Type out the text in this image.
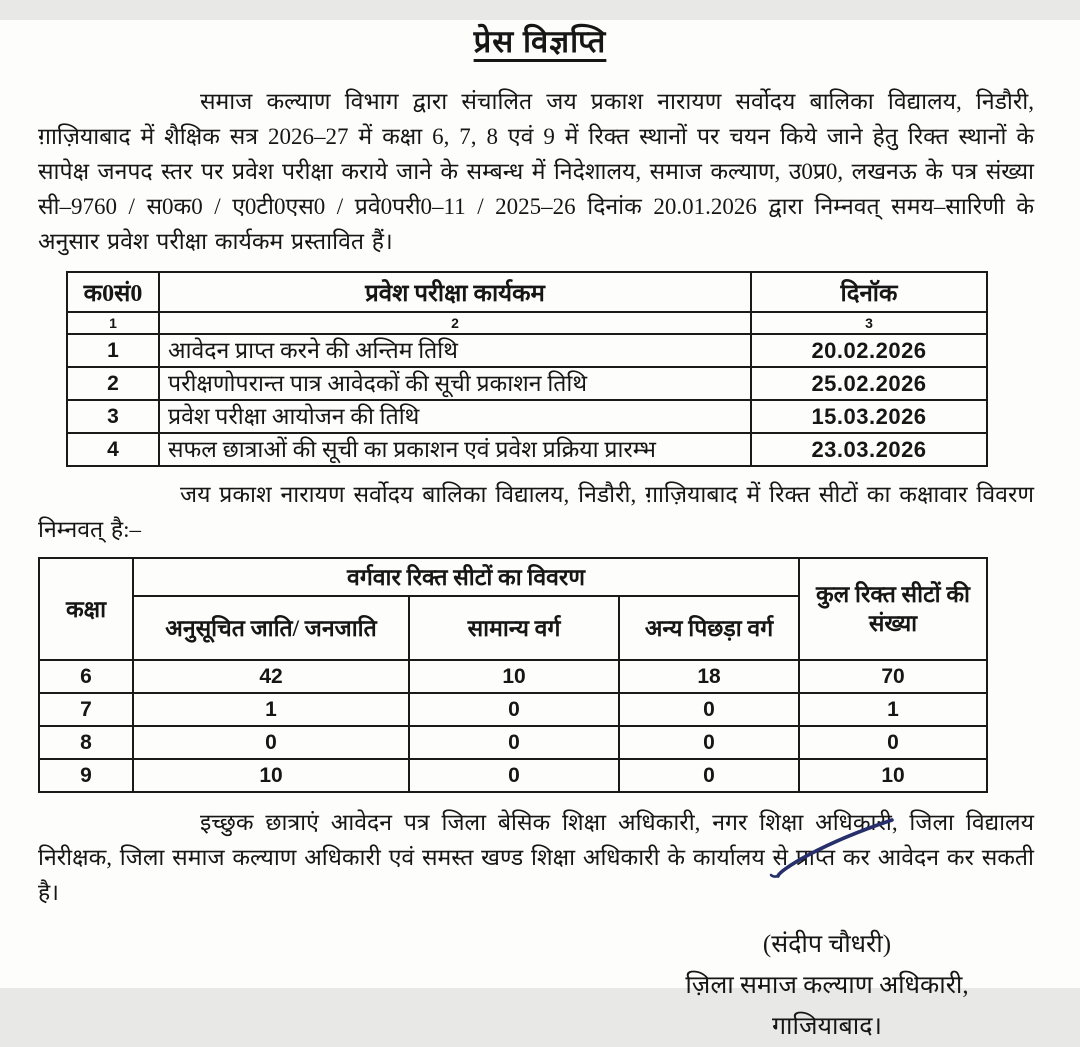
प्रेस विज्ञप्ति

समाज कल्याण विभाग द्वारा संचालित जय प्रकाश नारायण सर्वोदय बालिका विद्यालय, निडौरी, ग़ाज़ियाबाद में शैक्षिक सत्र 2026–27 में कक्षा 6, 7, 8 एवं 9 में रिक्त स्थानों पर चयन किये जाने हेतु रिक्त स्थानों के सापेक्ष जनपद स्तर पर प्रवेश परीक्षा कराये जाने के सम्बन्ध में निदेशालय, समाज कल्याण, उ0प्र0, लखनऊ के पत्र संख्या सी–9760 / स0क0 / ए0टी0एस0 / प्रवे0परी0–11 / 2025–26 दिनांक 20.01.2026 द्वारा निम्नवत् समय–सारिणी के अनुसार प्रवेश परीक्षा कार्यकम प्रस्तावित हैं।

क0सं0	प्रवेश परीक्षा कार्यकम	दिनॉक
1	2	3
1	आवेदन प्राप्त करने की अन्तिम तिथि	20.02.2026
2	परीक्षणोपरान्त पात्र आवेदकों की सूची प्रकाशन तिथि	25.02.2026
3	प्रवेश परीक्षा आयोजन की तिथि	15.03.2026
4	सफल छात्राओं की सूची का प्रकाशन एवं प्रवेश प्रक्रिया प्रारम्भ	23.03.2026

जय प्रकाश नारायण सर्वोदय बालिका विद्यालय, निडौरी, ग़ाज़ियाबाद में रिक्त सीटों का कक्षावार विवरण निम्नवत् है:–

कक्षा	वर्गवार रिक्त सीटों का विवरण			कुल रिक्त सीटों की संख्या
	अनुसूचित जाति/ जनजाति	सामान्य वर्ग	अन्य पिछड़ा वर्ग	
6	42	10	18	70
7	1	0	0	1
8	0	0	0	0
9	10	0	0	10

इच्छुक छात्राएं आवेदन पत्र जिला बेसिक शिक्षा अधिकारी, नगर शिक्षा अधिकारी, जिला विद्यालय निरीक्षक, जिला समाज कल्याण अधिकारी एवं समस्त खण्ड शिक्षा अधिकारी के कार्यालय से प्राप्त कर आवेदन कर सकती है।

(संदीप चौधरी)
ज़िला समाज कल्याण अधिकारी,
गाजियाबाद।
